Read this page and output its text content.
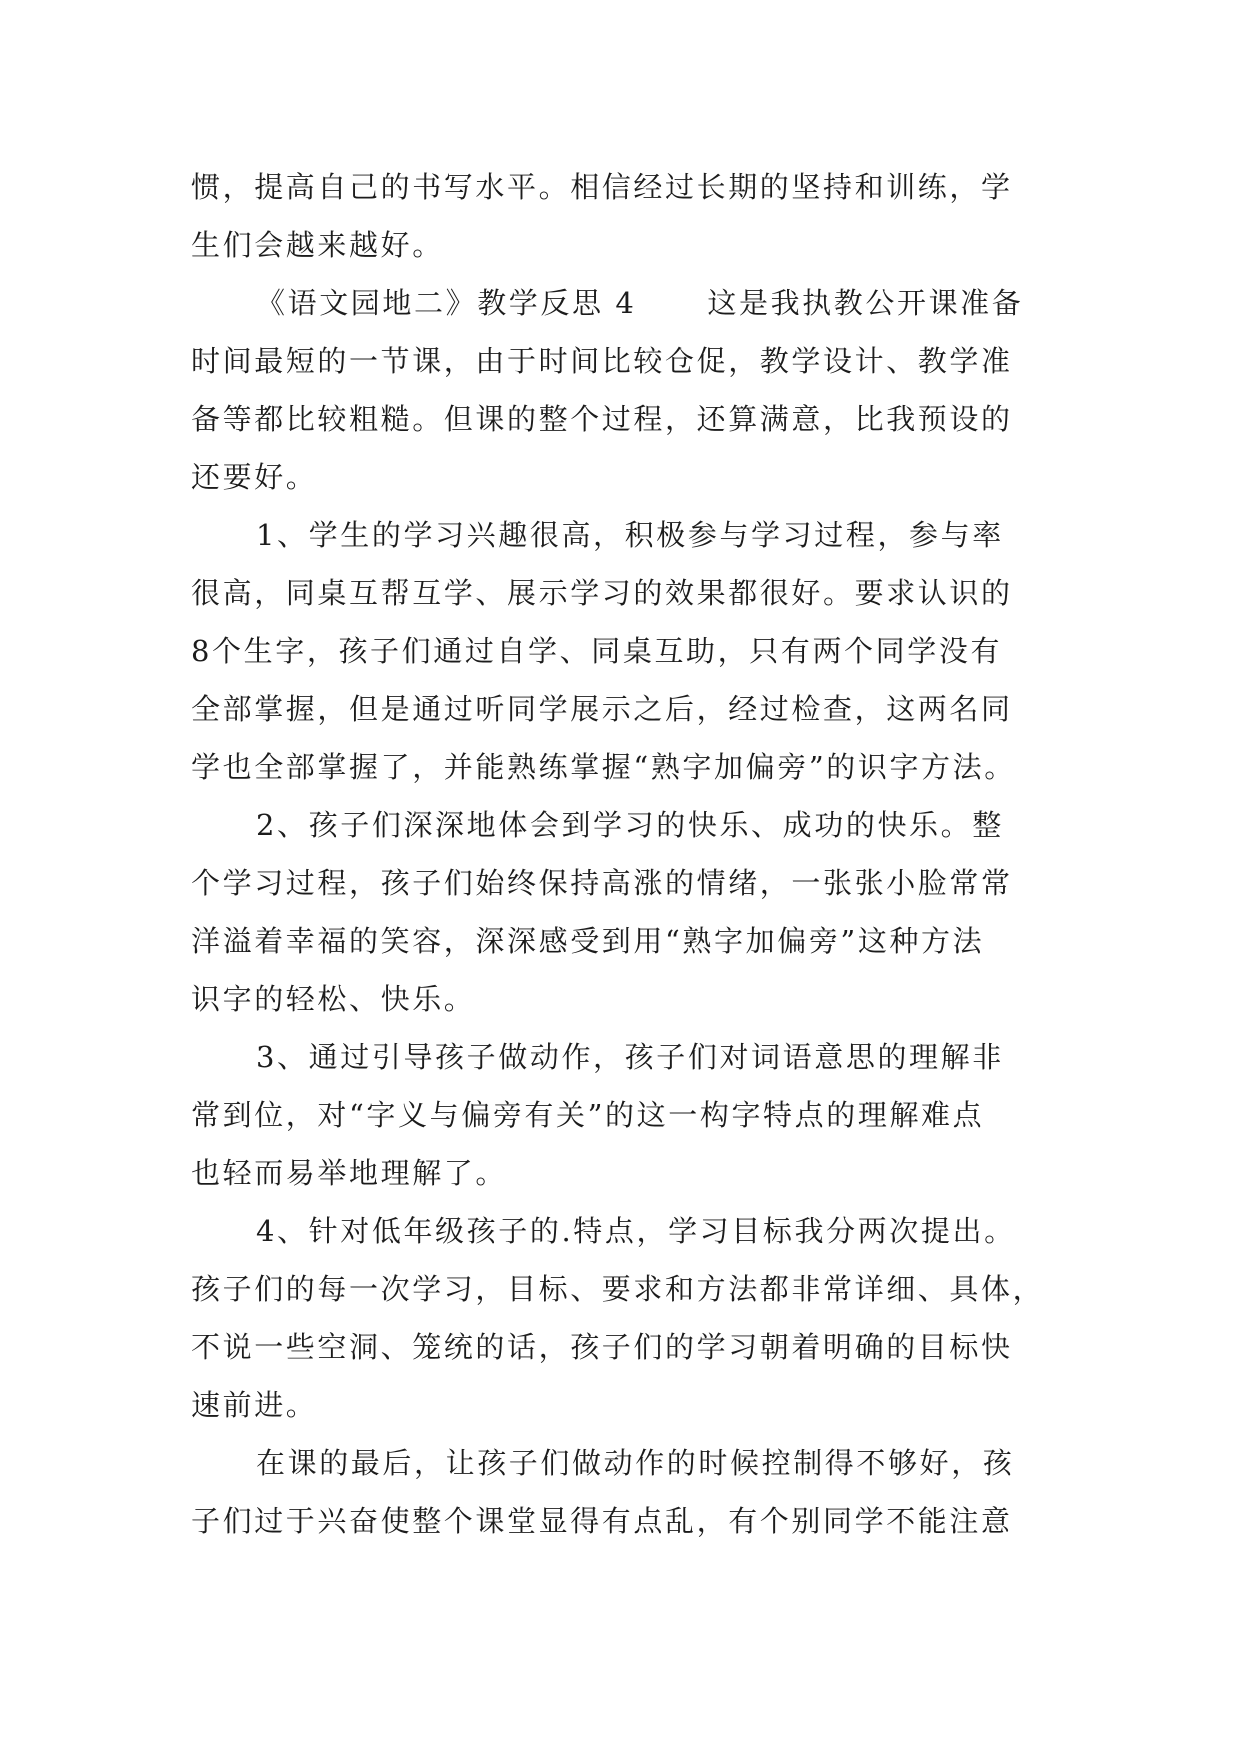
惯，提高自己的书写水平。相信经过长期的坚持和训练，学
生们会越来越好。
《语文园地二》教学反思 4      这是我执教公开课准备
时间最短的一节课，由于时间比较仓促，教学设计、教学准
备等都比较粗糙。但课的整个过程，还算满意，比我预设的
还要好。
1、学生的学习兴趣很高，积极参与学习过程，参与率
很高，同桌互帮互学、展示学习的效果都很好。要求认识的
8个生字，孩子们通过自学、同桌互助，只有两个同学没有
全部掌握，但是通过听同学展示之后，经过检查，这两名同
学也全部掌握了，并能熟练掌握“熟字加偏旁”的识字方法。
2、孩子们深深地体会到学习的快乐、成功的快乐。整
个学习过程，孩子们始终保持高涨的情绪，一张张小脸常常
洋溢着幸福的笑容，深深感受到用“熟字加偏旁”这种方法
识字的轻松、快乐。
3、通过引导孩子做动作，孩子们对词语意思的理解非
常到位，对“字义与偏旁有关”的这一构字特点的理解难点
也轻而易举地理解了。
4、针对低年级孩子的.特点，学习目标我分两次提出。
孩子们的每一次学习，目标、要求和方法都非常详细、具体，
不说一些空洞、笼统的话，孩子们的学习朝着明确的目标快
速前进。
在课的最后，让孩子们做动作的时候控制得不够好，孩
子们过于兴奋使整个课堂显得有点乱，有个别同学不能注意
